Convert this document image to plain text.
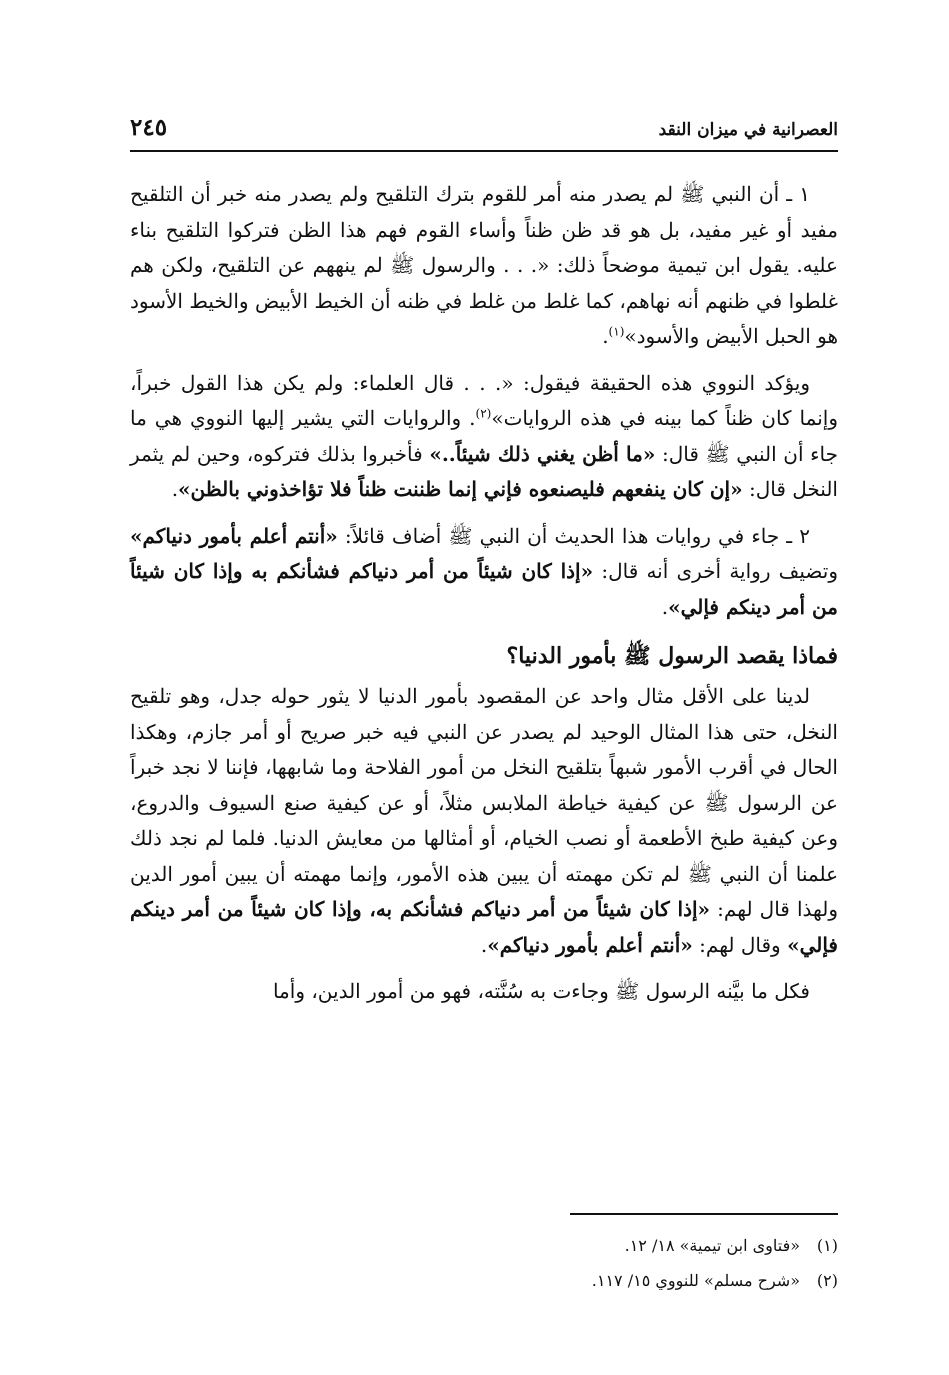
العصرانية في ميزان النقد
٢٤٥

١ ـ أن النبي ﷺ لم يصدر منه أمر للقوم بترك التلقيح ولم يصدر منه خبر أن التلقيح مفيد أو غير مفيد، بل هو قد ظن ظناً وأساء القوم فهم هذا الظن فتركوا التلقيح بناء عليه. يقول ابن تيمية موضحاً ذلك: «. . . والرسول ﷺ لم ينههم عن التلقيح، ولكن هم غلطوا في ظنهم أنه نهاهم، كما غلط من غلط في ظنه أن الخيط الأبيض والخيط الأسود هو الحبل الأبيض والأسود»$^{(١)}$.

ويؤكد النووي هذه الحقيقة فيقول: «. . . قال العلماء: ولم يكن هذا القول خبراً، وإنما كان ظناً كما بينه في هذه الروايات»$^{(٢)}$. والروايات التي يشير إليها النووي هي ما جاء أن النبي ﷺ قال: «ما أظن يغني ذلك شيئاً..» فأخبروا بذلك فتركوه، وحين لم يثمر النخل قال: «إن كان ينفعهم فليصنعوه فإني إنما ظننت ظناً فلا تؤاخذوني بالظن».

٢ ـ جاء في روايات هذا الحديث أن النبي ﷺ أضاف قائلاً: «أنتم أعلم بأمور دنياكم» وتضيف رواية أخرى أنه قال: «إذا كان شيئاً من أمر دنياكم فشأنكم به وإذا كان شيئاً من أمر دينكم فإلي».

فماذا يقصد الرسول ﷺ بأمور الدنيا؟

لدينا على الأقل مثال واحد عن المقصود بأمور الدنيا لا يثور حوله جدل، وهو تلقيح النخل، حتى هذا المثال الوحيد لم يصدر عن النبي فيه خبر صريح أو أمر جازم، وهكذا الحال في أقرب الأمور شبهاً بتلقيح النخل من أمور الفلاحة وما شابهها، فإننا لا نجد خبراً عن الرسول ﷺ عن كيفية خياطة الملابس مثلاً، أو عن كيفية صنع السيوف والدروع، وعن كيفية طبخ الأطعمة أو نصب الخيام، أو أمثالها من معايش الدنيا. فلما لم نجد ذلك علمنا أن النبي ﷺ لم تكن مهمته أن يبين هذه الأمور، وإنما مهمته أن يبين أمور الدين ولهذا قال لهم: «إذا كان شيئاً من أمر دنياكم فشأنكم به، وإذا كان شيئاً من أمر دينكم فإلي» وقال لهم: «أنتم أعلم بأمور دنياكم».

فكل ما بيَّنه الرسول ﷺ وجاءت به سُنَّته، فهو من أمور الدين، وأما

(١)«فتاوى ابن تيمية» ١٨/ ١٢.
(٢)«شرح مسلم» للنووي ١٥/ ١١٧.
